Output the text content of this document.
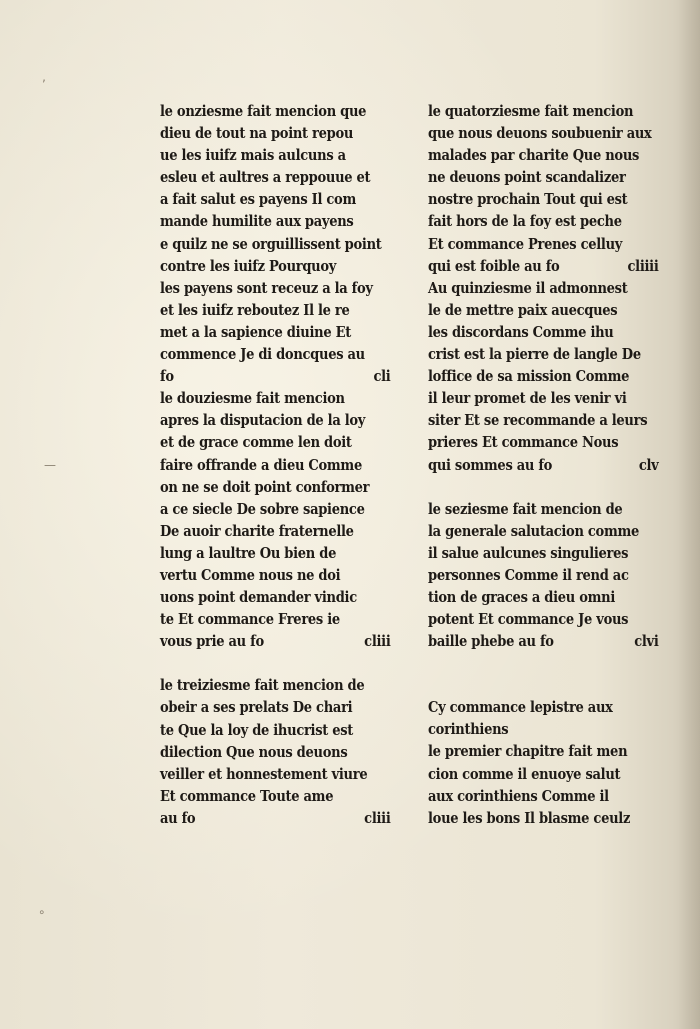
‚
—
∘
le onziesme fait mencion que
dieu de tout na point repou
ue les iuifz mais aulcuns a
esleu et aultres a reppouue et
a fait salut es payens Il com
mande humilite aux payens
e quilz ne se orguillissent point
contre les iuifz Pourquoy
les payens sont receuz a la foy
et les iuifz reboutez Il le re
met a la sapience diuine Et
commence Je di doncques au
fo	cli
le douziesme fait mencion
apres la disputacion de la loy
et de grace comme len doit
faire offrande a dieu Comme
on ne se doit point conformer
a ce siecle De sobre sapience
De auoir charite fraternelle
lung a laultre Ou bien de
vertu Comme nous ne doi
uons point demander vindic
te Et commance Freres ie
vous prie au fo	cliii
le treiziesme fait mencion de
obeir a ses prelats De chari
te Que la loy de ihucrist est
dilection Que nous deuons
veiller et honnestement viure
Et commance Toute ame
au fo	cliii
le quatorziesme fait mencion
que nous deuons soubuenir aux
malades par charite Que nous
ne deuons point scandalizer
nostre prochain Tout qui est
fait hors de la foy est peche
Et commance Prenes celluy
qui est foible au fo	cliiii
Au quinziesme il admonnest
le de mettre paix auecques
les discordans Comme ihu
crist est la pierre de langle De
loffice de sa mission Comme
il leur promet de les venir vi
siter Et se recommande a leurs
prieres Et commance Nous
qui sommes au fo	clv
le seziesme fait mencion de
la generale salutacion comme
il salue aulcunes singulieres
personnes Comme il rend ac
tion de graces a dieu omni
potent Et commance Je vous
baille phebe au fo	clvi
Cy commance lepistre aux
corinthiens
le premier chapitre fait men
cion comme il enuoye salut
aux corinthiens Comme il
loue les bons Il blasme ceulz
